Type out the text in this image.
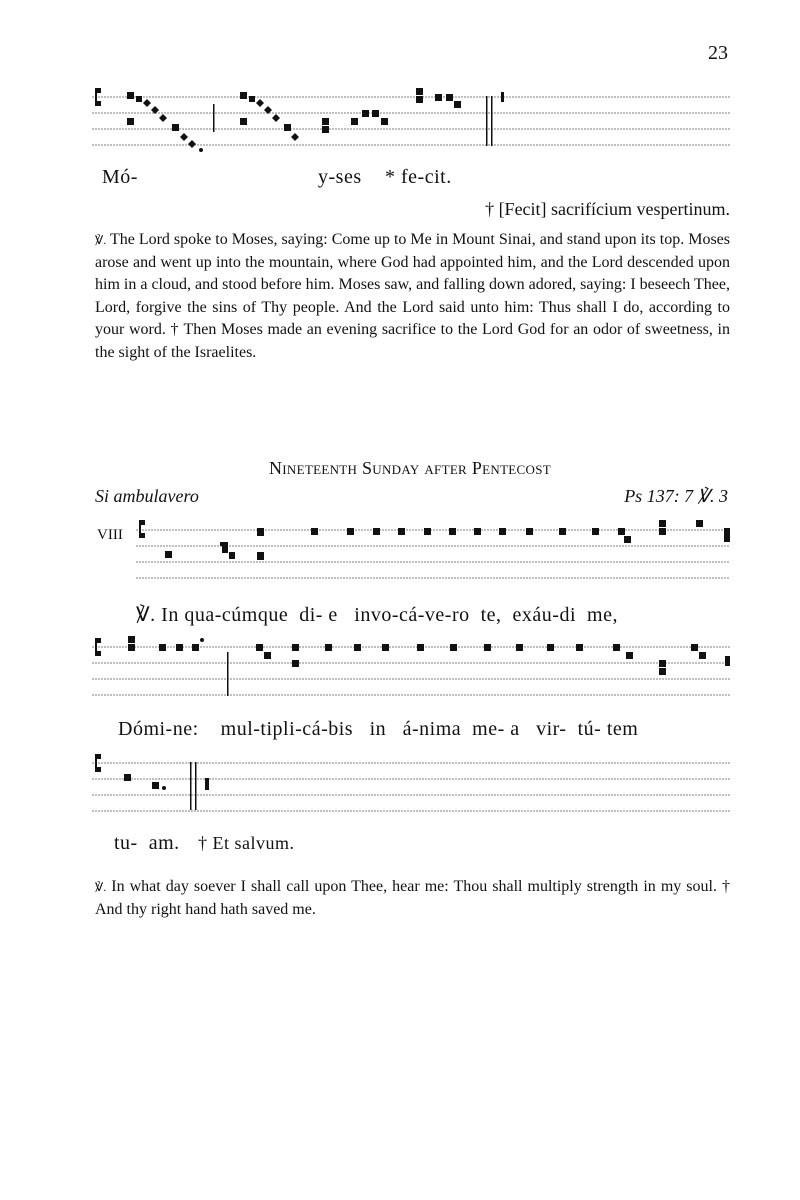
23
Mó-	y-ses * fe-cit.
† [Fecit] sacrifícium vespertinum.
℣. The Lord spoke to Moses, saying: Come up to Me in Mount Sinai, and stand upon its top. Moses arose and went up into the mountain, where God had appointed him, and the Lord descended upon him in a cloud, and stood before him. Moses saw, and falling down adored, saying: I beseech Thee, Lord, forgive the sins of Thy people. And the Lord said unto him: Thus shall I do, according to your word. † Then Moses made an evening sacrifice to the Lord God for an odor of sweetness, in the sight of the Israelites.
Nineteenth Sunday after Pentecost
Si ambulavero	Ps 137: 7 ℣. 3
VIII
℣. In qua-cúmque  di- e   invo-cá-ve-ro  te,  exáu-di  me,
Dómi-ne:    mul-tipli-cá-bis   in   á-nima  me- a   vir-  tú- tem
tu-  am. † Et salvum.
℣. In what day soever I shall call upon Thee, hear me: Thou shall multiply strength in my soul. † And thy right hand hath saved me.
